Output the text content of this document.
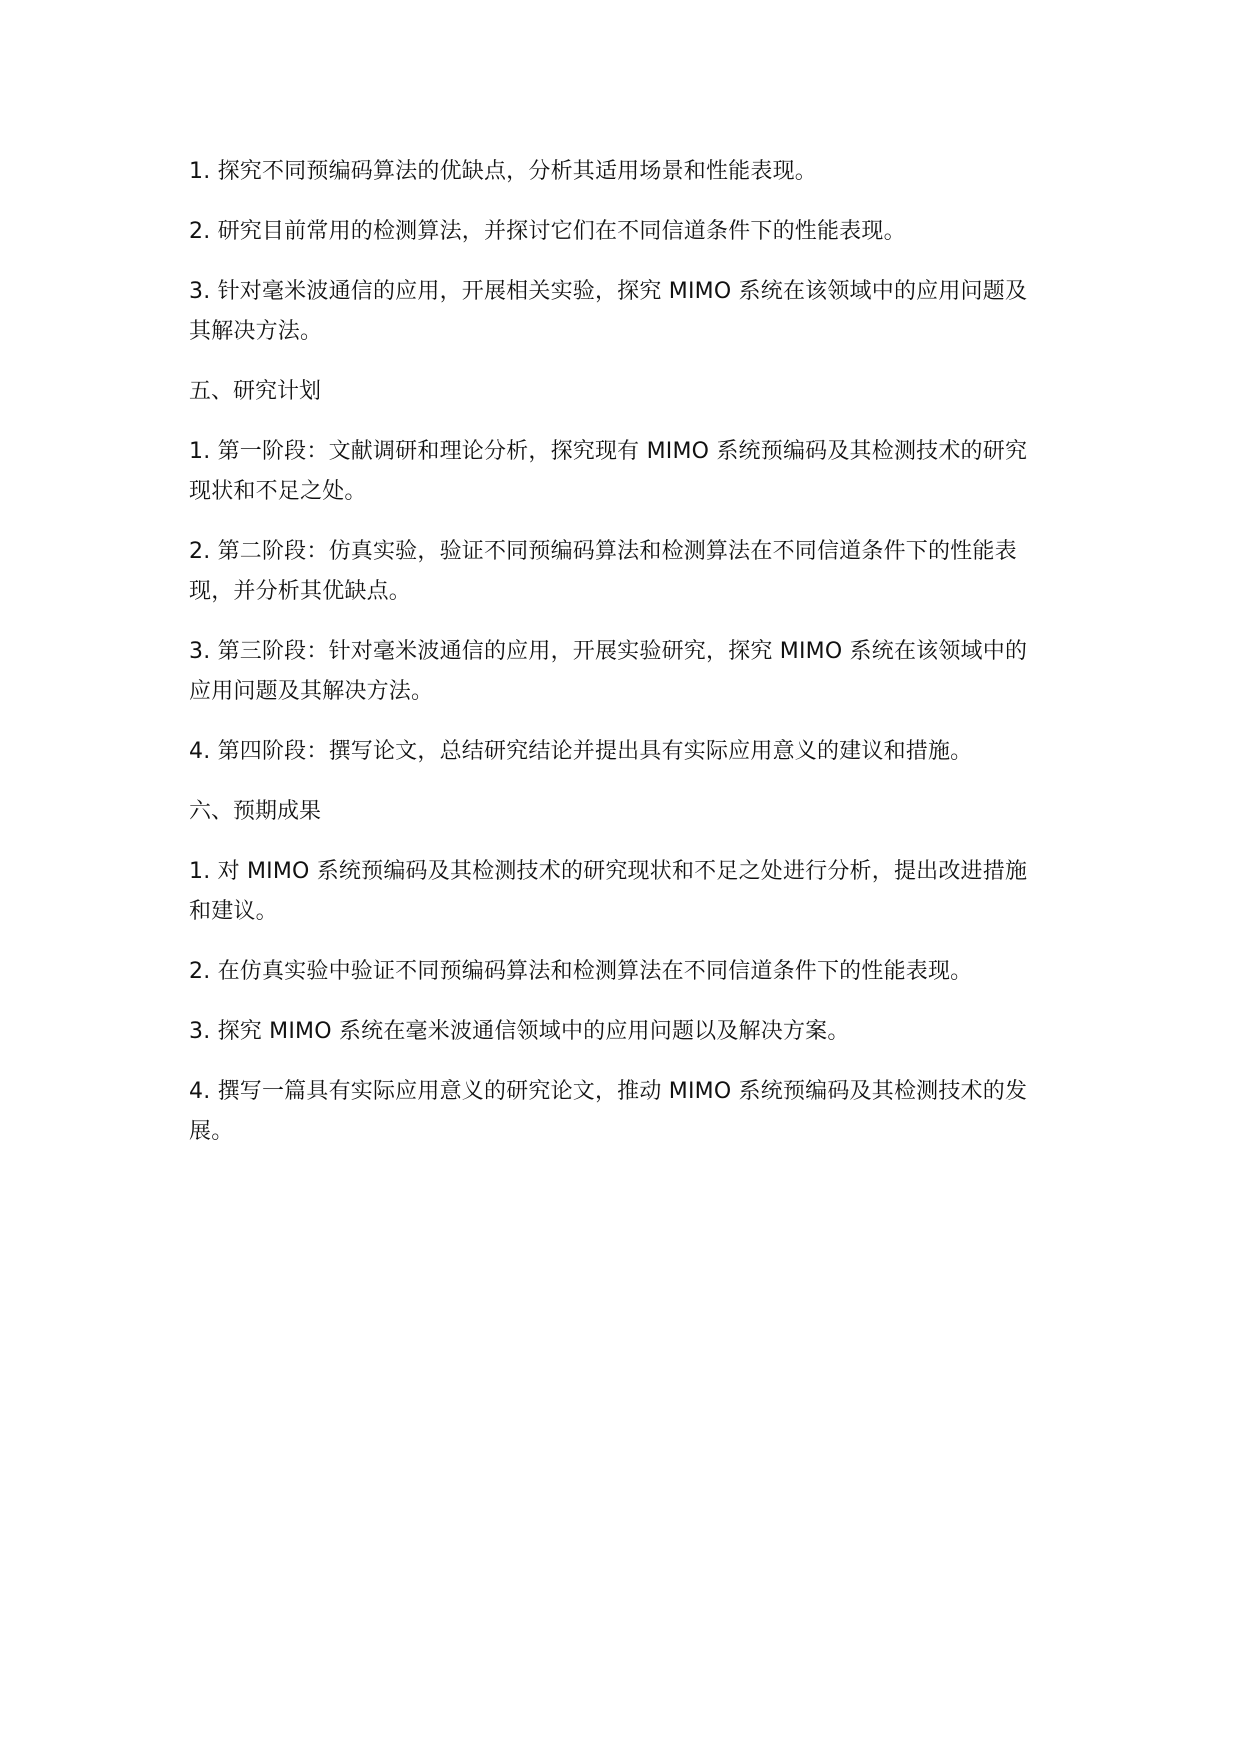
1. 探究不同预编码算法的优缺点，分析其适用场景和性能表现。

2. 研究目前常用的检测算法，并探讨它们在不同信道条件下的性能表现。

3. 针对毫米波通信的应用，开展相关实验，探究 MIMO 系统在该领域中的应用问题及其解决方法。

五、研究计划

1. 第一阶段：文献调研和理论分析，探究现有 MIMO 系统预编码及其检测技术的研究现状和不足之处。

2. 第二阶段：仿真实验，验证不同预编码算法和检测算法在不同信道条件下的性能表现，并分析其优缺点。

3. 第三阶段：针对毫米波通信的应用，开展实验研究，探究 MIMO 系统在该领域中的应用问题及其解决方法。

4. 第四阶段：撰写论文，总结研究结论并提出具有实际应用意义的建议和措施。

六、预期成果

1. 对 MIMO 系统预编码及其检测技术的研究现状和不足之处进行分析，提出改进措施和建议。

2. 在仿真实验中验证不同预编码算法和检测算法在不同信道条件下的性能表现。

3. 探究 MIMO 系统在毫米波通信领域中的应用问题以及解决方案。

4. 撰写一篇具有实际应用意义的研究论文，推动 MIMO 系统预编码及其检测技术的发展。
